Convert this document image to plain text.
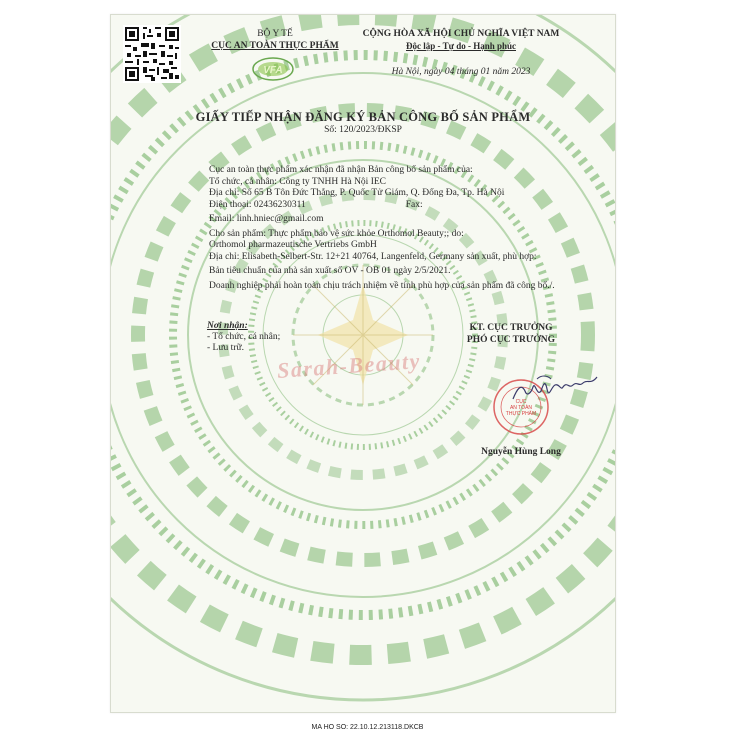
BỘ Y TẾ
CỤC AN TOÀN THỰC PHẨM
VFA
CỘNG HÒA XÃ HỘI CHỦ NGHĨA VIỆT NAM
Độc lập - Tự do - Hạnh phúc
Hà Nội, ngày 04 tháng 01 năm 2023
GIẤY TIẾP NHẬN ĐĂNG KÝ BẢN CÔNG BỐ SẢN PHẨM
Số: 120/2023/ĐKSP
Cục an toàn thực phẩm xác nhận đã nhận Bản công bố sản phẩm của:
Tổ chức, cá nhân: Công ty TNHH Hà Nội IEC
Địa chỉ: Số 65 B Tôn Đức Thắng, P. Quốc Tử Giám, Q. Đống Đa, Tp. Hà Nội
Điện thoại: 02436230311	Fax:
Email: linh.hniec@gmail.com
Cho sản phẩm: Thực phẩm bảo vệ sức khỏe Orthomol Beauty;; do:
Orthomol pharmazeutische Vertriebs GmbH
Địa chỉ: Elisabeth-Selbert-Str. 12+21 40764, Langenfeld, Germany sản xuất, phù hợp:
Bản tiêu chuẩn của nhà sản xuất số OV - OB 01 ngày 2/5/2021.
Doanh nghiệp phải hoàn toàn chịu trách nhiệm về tính phù hợp của sản phẩm đã công bố./.
Nơi nhận:
- Tổ chức, cá nhân;
- Lưu trữ.
KT. CỤC TRƯỞNG
PHÓ CỤC TRƯỞNG
Sarah-Beauty
CỤC
AN TOÀN
THỰC PHẨM
Nguyễn Hùng Long
MA HO SO: 22.10.12.213118.DKCB
